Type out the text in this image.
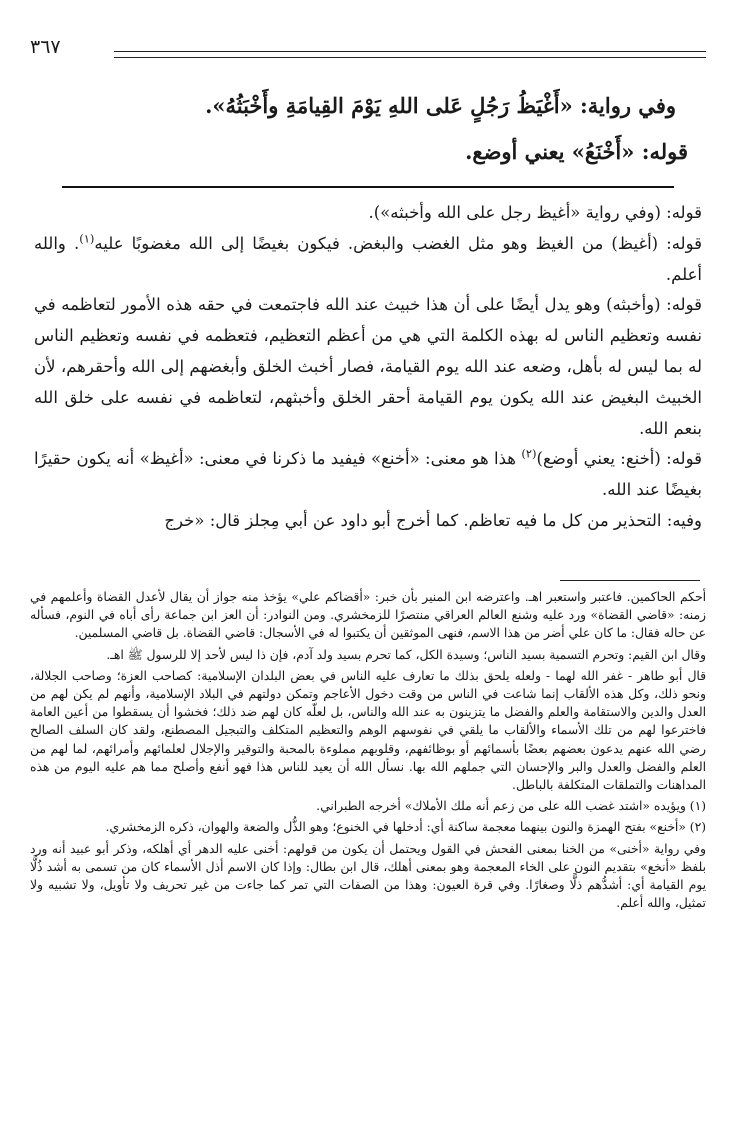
٣٦٧

وفي رواية: «أَغْيَظُ رَجُلٍ عَلى اللهِ يَوْمَ القِيامَةِ وأَخْبَثُهُ».

قوله: «أَخْنَعُ» يعني أوضع.

قوله: (وفي رواية «أغيظ رجل على الله وأخبثه»).

قوله: (أغيظ) من الغيظ وهو مثل الغضب والبغض. فيكون بغيضًا إلى الله مغضوبًا عليه$^{(١)}$. والله أعلم.

قوله: (وأخبثه) وهو يدل أيضًا على أن هذا خبيث عند الله فاجتمعت في حقه هذه الأمور لتعاظمه في نفسه وتعظيم الناس له بهذه الكلمة التي هي من أعظم التعظيم، فتعظمه في نفسه وتعظيم الناس له بما ليس له بأهل، وضعه عند الله يوم القيامة، فصار أخبث الخلق وأبغضهم إلى الله وأحقرهم، لأن الخبيث البغيض عند الله يكون يوم القيامة أحقر الخلق وأخبثهم، لتعاظمه في نفسه على خلق الله بنعم الله.

قوله: (أخنع: يعني أوضع)$^{(٢)}$ هذا هو معنى: «أخنع» فيفيد ما ذكرنا في معنى: «أغيظ» أنه يكون حقيرًا بغيضًا عند الله.

وفيه: التحذير من كل ما فيه تعاظم. كما أخرج أبو داود عن أبي مِجلز قال: «خرج

أحكم الحاكمين. فاعتبر واستعبر اهـ. واعترضه ابن المنير بأن خبر: «أقضاكم علي» يؤخذ منه جواز أن يقال لأعدل القضاة وأعلمهم في زمنه: «قاضي القضاة» ورد عليه وشنع العالم العراقي منتصرًا للزمخشري. ومن النوادر: أن العز ابن جماعة رأى أباه في النوم، فسأله عن حاله فقال: ما كان علي أضر من هذا الاسم، فنهى الموثقين أن يكتبوا له في الأسجال: قاضي القضاة. بل قاضي المسلمين.

وقال ابن القيم: وتحرم التسمية بسيد الناس؛ وسيدة الكل، كما تحرم بسيد ولد آدم، فإن ذا ليس لأحد إلا للرسول ﷺ اهـ.

قال أبو طاهر - غفر الله لهما - ولعله يلحق بذلك ما تعارف عليه الناس في بعض البلدان الإسلامية: كصاحب العزة؛ وصاحب الجلالة، ونحو ذلك، وكل هذه الألقاب إنما شاعت في الناس من وقت دخول الأعاجم وتمكن دولتهم في البلاد الإسلامية، وأنهم لم يكن لهم من العدل والدين والاستقامة والعلم والفضل ما يتزينون به عند الله والناس، بل لعلّه كان لهم ضد ذلك؛ فخشوا أن يسقطوا من أعين العامة فاخترعوا لهم من تلك الأسماء والألقاب ما يلقي في نفوسهم الوهم والتعظيم المتكلف والتبجيل المصطنع، ولقد كان السلف الصالح رضي الله عنهم يدعون بعضهم بعضًا بأسمائهم أو بوظائفهم، وقلوبهم مملوءة بالمحبة والتوقير والإجلال لعلمائهم وأمرائهم، لما لهم من العلم والفضل والعدل والبر والإحسان التي جملهم الله بها. نسأل الله أن يعيد للناس هذا فهو أنفع وأصلح مما هم عليه اليوم من هذه المداهنات والتملقات المتكلفة بالباطل.

(١) ويؤيده «اشتد غضب الله على من زعم أنه ملك الأملاك» أخرجه الطبراني.

(٢) «أخنع» بفتح الهمزة والنون بينهما معجمة ساكنة أي: أدخلها في الخنوع؛ وهو الذُّل والضعة والهوان، ذكره الزمخشري.

وفي رواية «أخنى» من الخنا بمعنى الفحش في القول ويحتمل أن يكون من قولهم: أخنى عليه الدهر أي أهلكه، وذكر أبو عبيد أنه ورد بلفظ «أنخع» بتقديم النون على الخاء المعجمة وهو بمعنى أهلك، قال ابن بطال: وإذا كان الاسم أذل الأسماء كان من تسمى به أشد ذُلًّا يوم القيامة أي: أشدُّهم ذلًّا وصغارًا. وفي قرة العيون: وهذا من الصفات التي تمر كما جاءت من غير تحريف ولا تأويل، ولا تشبيه ولا تمثيل، والله أعلم.
